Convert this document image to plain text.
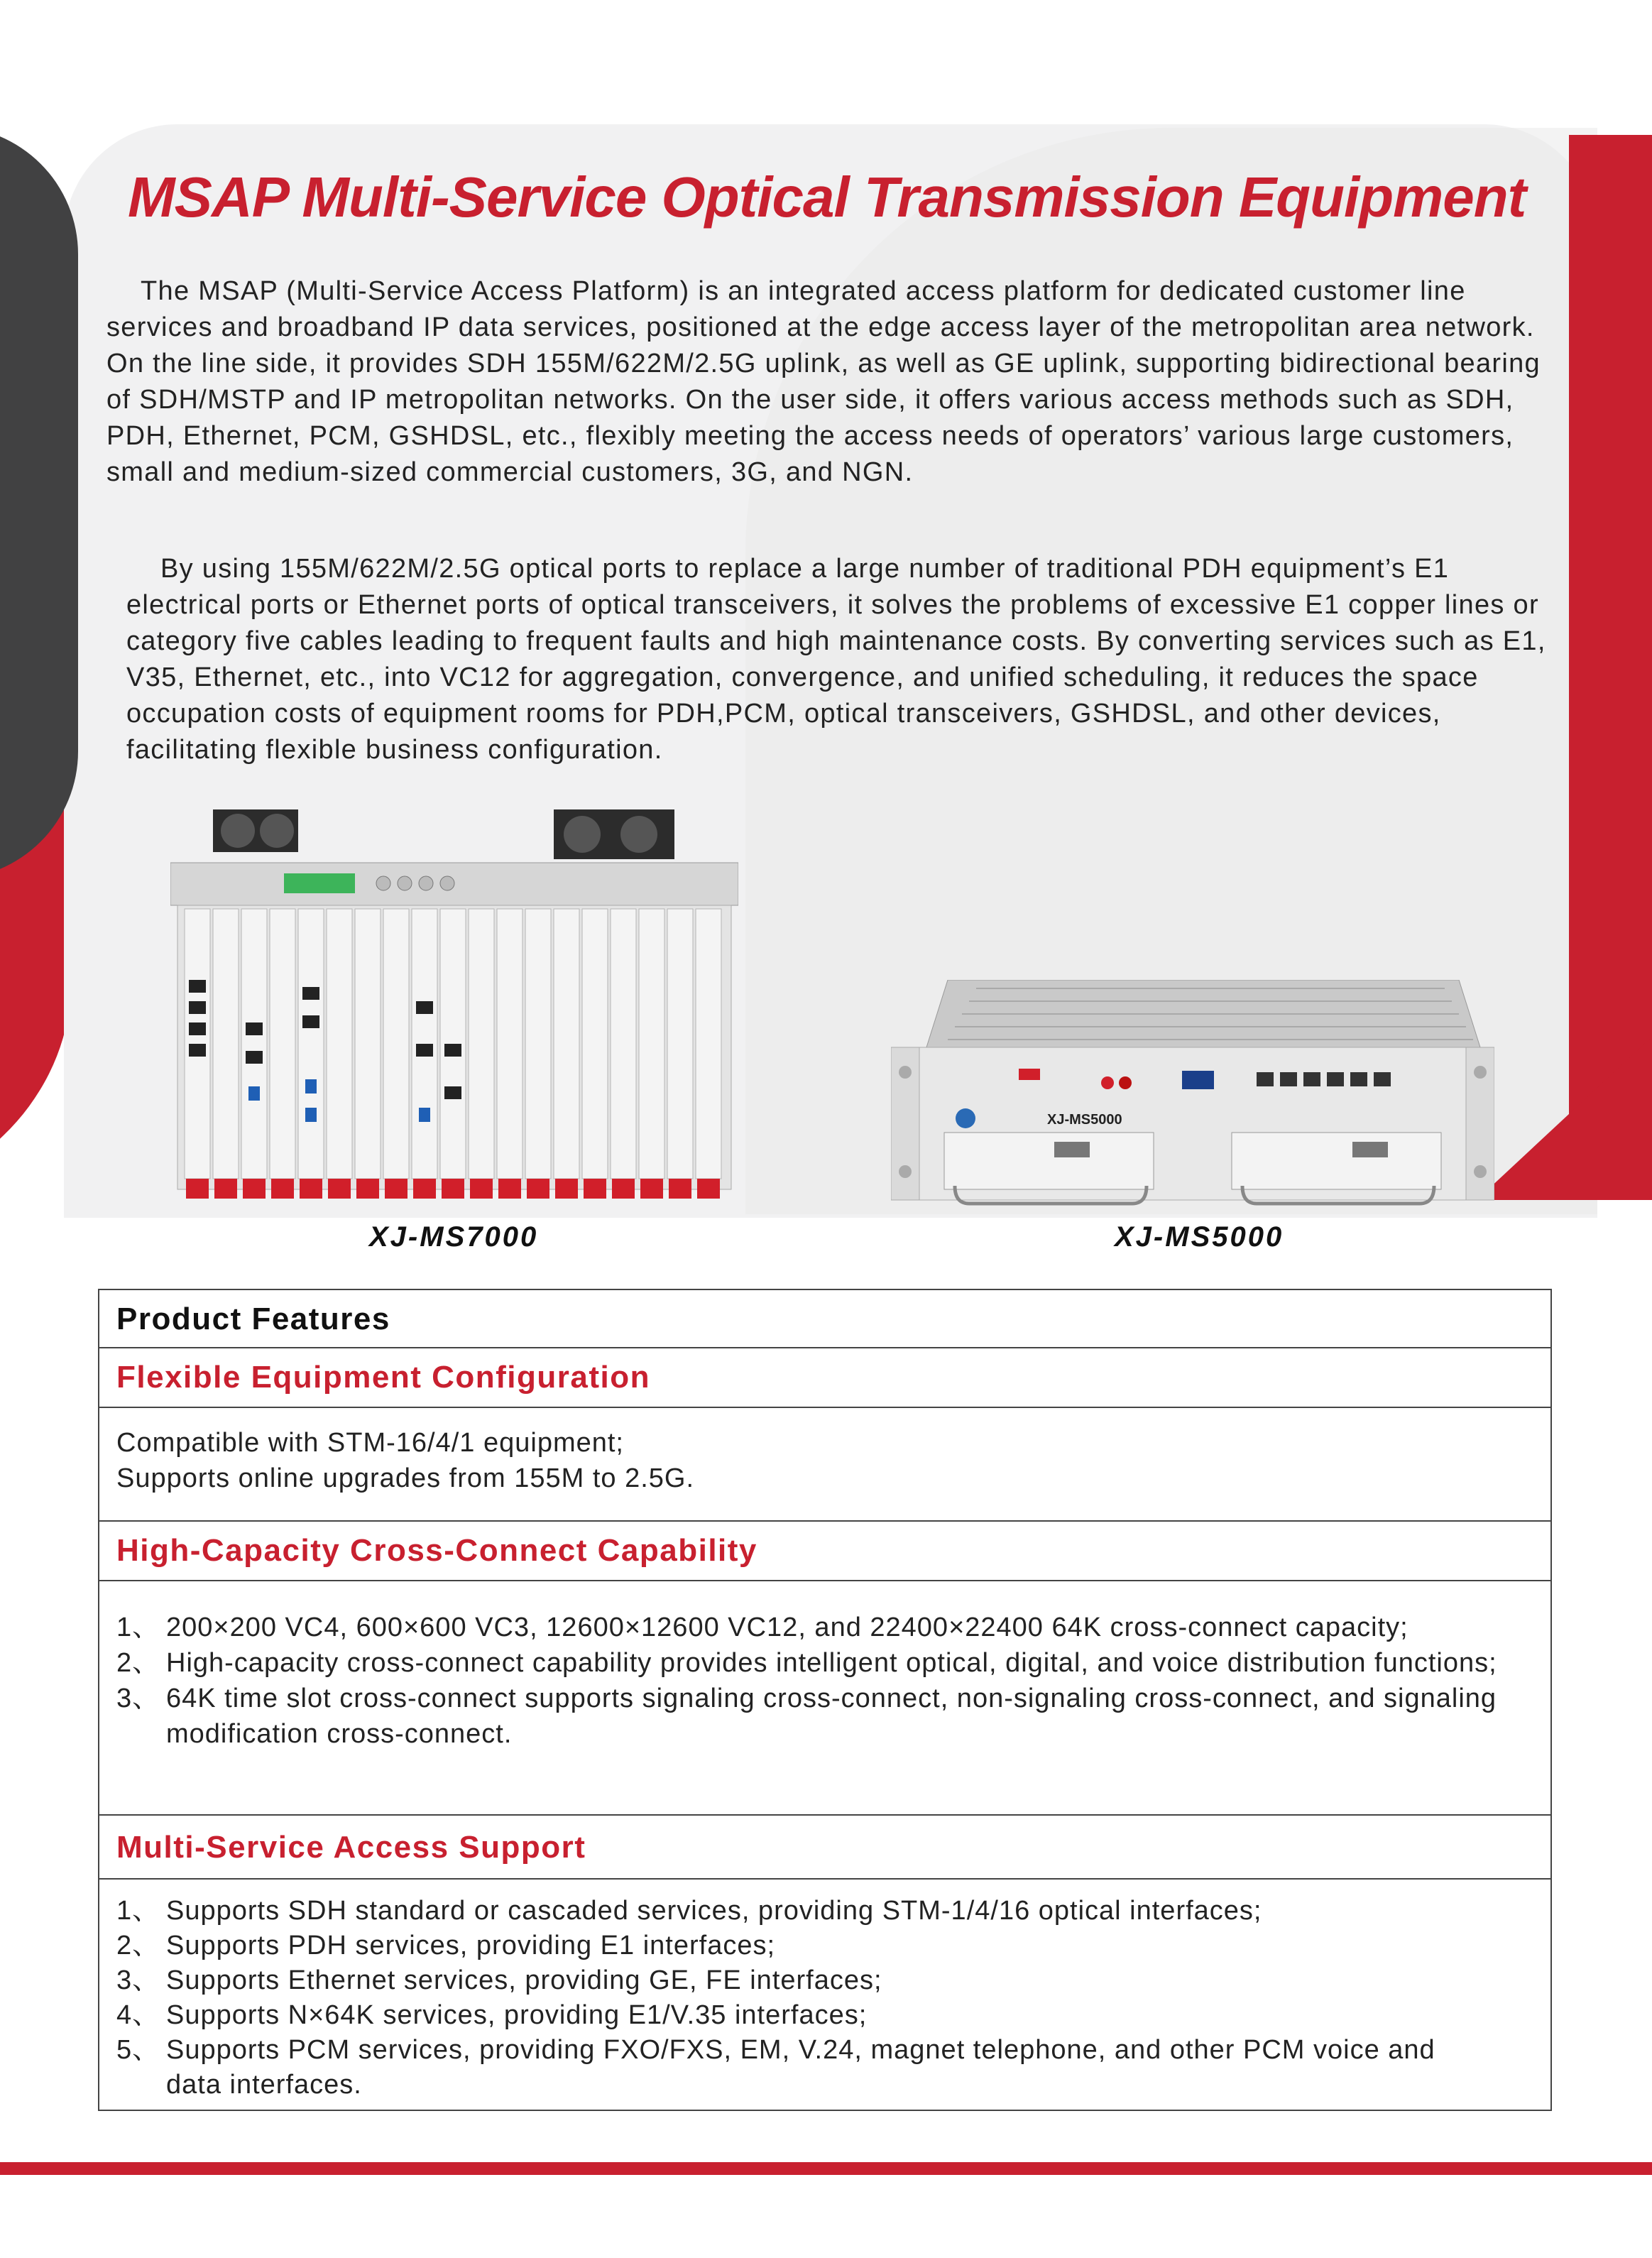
MSAP Multi-Service Optical Transmission Equipment

The MSAP (Multi-Service Access Platform) is an integrated access platform for dedicated customer line services and broadband IP data services, positioned at the edge access layer of the metropolitan area network. On the line side, it provides SDH 155M/622M/2.5G uplink, as well as GE uplink, supporting bidirectional bearing of SDH/MSTP and IP metropolitan networks. On the user side, it offers various access methods such as SDH, PDH, Ethernet, PCM, GSHDSL, etc., flexibly meeting the access needs of operators’ various large customers, small and medium-sized commercial customers, 3G, and NGN.

By using 155M/622M/2.5G optical ports to replace a large number of traditional PDH equipment’s E1 electrical ports or Ethernet ports of optical transceivers, it solves the problems of excessive E1 copper lines or category five cables leading to frequent faults and high maintenance costs. By converting services such as E1, V35, Ethernet, etc., into VC12 for aggregation, convergence, and unified scheduling, it reduces the space occupation costs of equipment rooms for PDH,PCM, optical transceivers, GSHDSL, and other devices, facilitating flexible business configuration.

XJ-MS7000
XJ-MS5000
XJ-MS5000
Product Features
Flexible Equipment Configuration
Compatible with STM-16/4/1 equipment;
Supports online upgrades from 155M to 2.5G.
High-Capacity Cross-Connect Capability
1、 200×200 VC4, 600×600 VC3, 12600×12600 VC12, and 22400×22400 64K cross-connect capacity;
2、 High-capacity cross-connect capability provides intelligent optical, digital, and voice distribution functions;
3、 64K time slot cross-connect supports signaling cross-connect, non-signaling cross-connect, and signaling modification cross-connect.
Multi-Service Access Support
1、 Supports SDH standard or cascaded services, providing STM-1/4/16 optical interfaces;
2、 Supports PDH services, providing E1 interfaces;
3、 Supports Ethernet services, providing GE, FE interfaces;
4、 Supports N×64K services, providing E1/V.35 interfaces;
5、 Supports PCM services, providing FXO/FXS, EM, V.24, magnet telephone, and other PCM voice and data interfaces.
